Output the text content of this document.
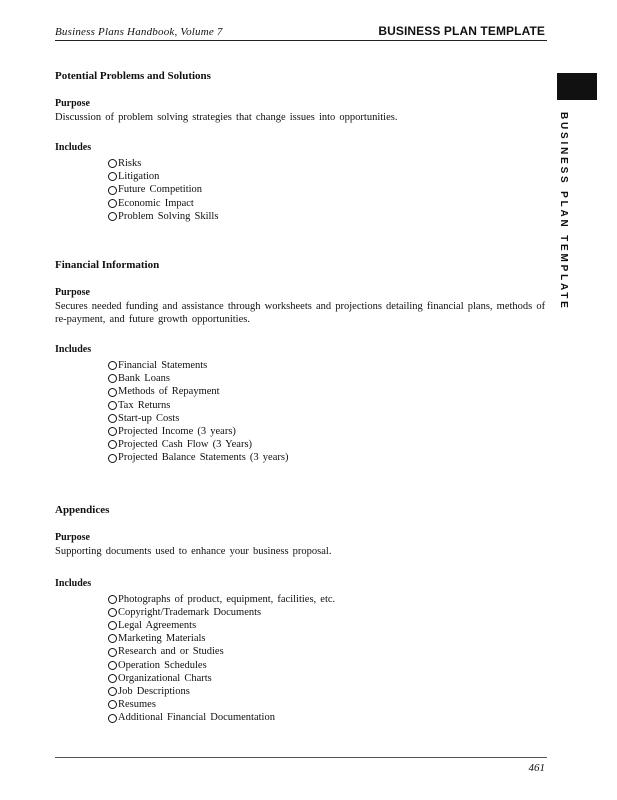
Business Plans Handbook, Volume 7	BUSINESS PLAN TEMPLATE
BUSINESS PLAN TEMPLATE
Potential Problems and Solutions
Purpose
Discussion of problem solving strategies that change issues into opportunities.
Includes
Risks
Litigation
Future Competition
Economic Impact
Problem Solving Skills
Financial Information
Purpose
Secures needed funding and assistance through worksheets and projections detailing financial plans, methods of re-payment, and future growth opportunities.
Includes
Financial Statements
Bank Loans
Methods of Repayment
Tax Returns
Start-up Costs
Projected Income (3 years)
Projected Cash Flow (3 Years)
Projected Balance Statements (3 years)
Appendices
Purpose
Supporting documents used to enhance your business proposal.
Includes
Photographs of product, equipment, facilities, etc.
Copyright/Trademark Documents
Legal Agreements
Marketing Materials
Research and or Studies
Operation Schedules
Organizational Charts
Job Descriptions
Resumes
Additional Financial Documentation
461
